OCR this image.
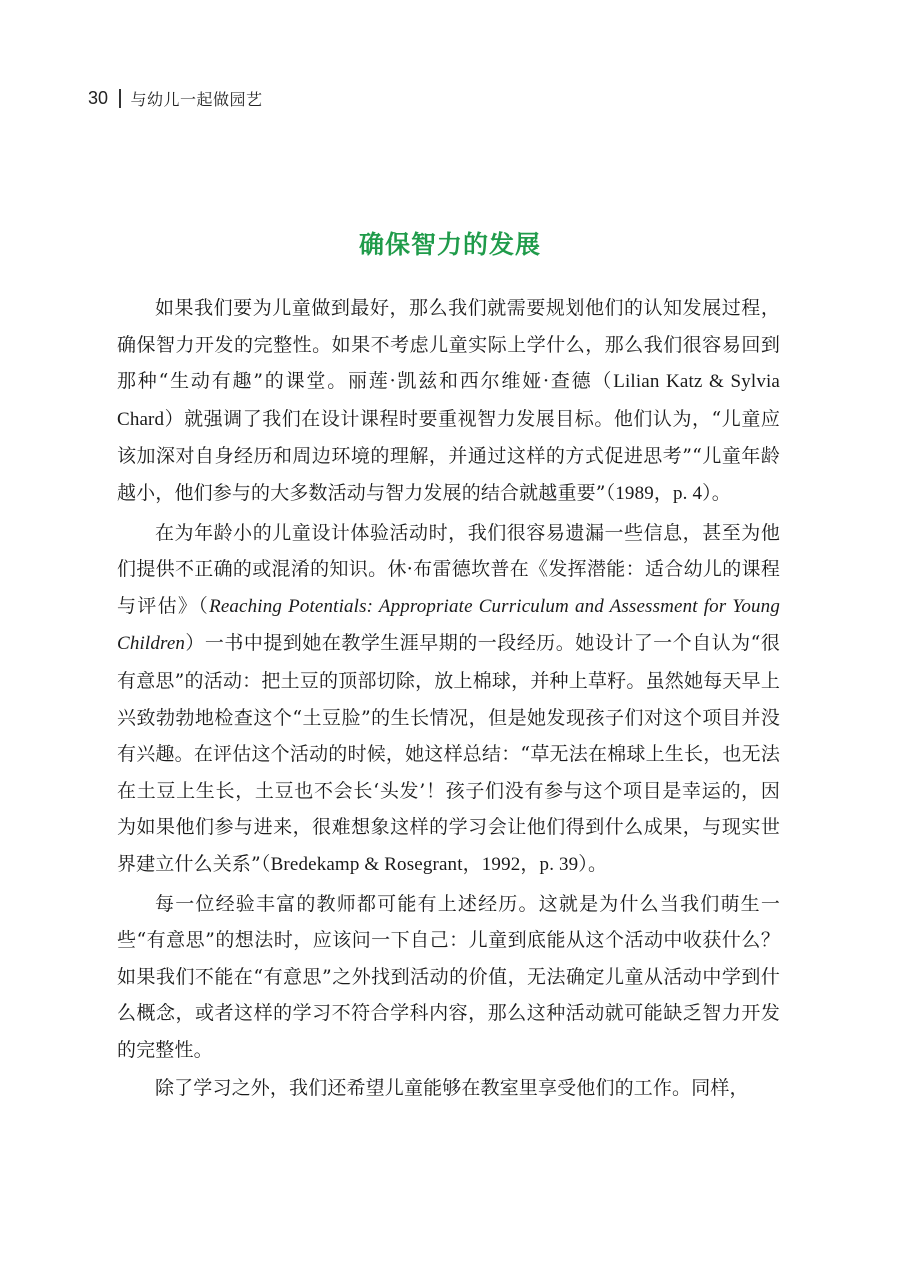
30 与幼儿一起做园艺
确保智力的发展

如果我们要为儿童做到最好，那么我们就需要规划他们的认知发展过程，确保智力开发的完整性。如果不考虑儿童实际上学什么，那么我们很容易回到那种“生动有趣”的课堂。丽莲·凯兹和西尔维娅·查德（Lilian Katz & Sylvia Chard）就强调了我们在设计课程时要重视智力发展目标。他们认为，“儿童应该加深对自身经历和周边环境的理解，并通过这样的方式促进思考”“儿童年龄越小，他们参与的大多数活动与智力发展的结合就越重要”（1989，p. 4）。

在为年龄小的儿童设计体验活动时，我们很容易遗漏一些信息，甚至为他们提供不正确的或混淆的知识。休·布雷德坎普在《发挥潜能：适合幼儿的课程与评估》（Reaching Potentials: Appropriate Curriculum and Assessment for Young Children）一书中提到她在教学生涯早期的一段经历。她设计了一个自认为“很有意思”的活动：把土豆的顶部切除，放上棉球，并种上草籽。虽然她每天早上兴致勃勃地检查这个“土豆脸”的生长情况，但是她发现孩子们对这个项目并没有兴趣。在评估这个活动的时候，她这样总结：“草无法在棉球上生长，也无法在土豆上生长，土豆也不会长‘头发’！孩子们没有参与这个项目是幸运的，因为如果他们参与进来，很难想象这样的学习会让他们得到什么成果，与现实世界建立什么关系”（Bredekamp & Rosegrant，1992，p. 39）。

每一位经验丰富的教师都可能有上述经历。这就是为什么当我们萌生一些“有意思”的想法时，应该问一下自己：儿童到底能从这个活动中收获什么？如果我们不能在“有意思”之外找到活动的价值，无法确定儿童从活动中学到什么概念，或者这样的学习不符合学科内容，那么这种活动就可能缺乏智力开发的完整性。

除了学习之外，我们还希望儿童能够在教室里享受他们的工作。同样，
